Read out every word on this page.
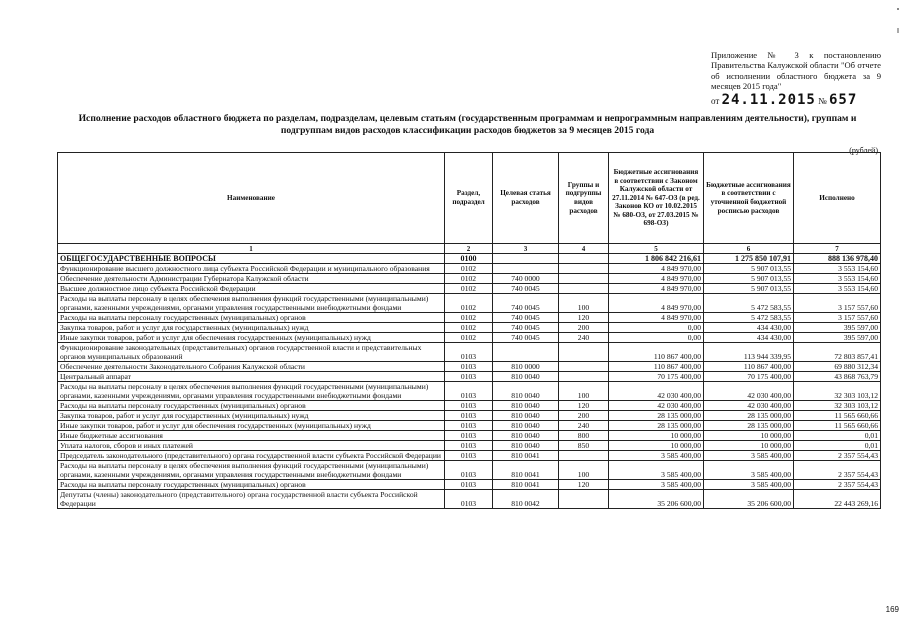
Приложение № 3 к постановлению Правительства Калужской области "Об отчете об исполнении областного бюджета за 9 месяцев 2015 года"
от 24.11.2015 № 657
Исполнение расходов областного бюджета по разделам, подразделам, целевым статьям (государственным программам и непрограммным направлениям деятельности), группам и подгруппам видов расходов классификации расходов бюджетов за 9 месяцев 2015 года
(рублей)
Наименование	Раздел, подраздел	Целевая статья расходов	Группы и подгруппы видов расходов	Бюджетные ассигнования в соответствии с Законом Калужской области от 27.11.2014 № 647-ОЗ (в ред. Законов КО от 10.02.2015 № 680-ОЗ, от 27.03.2015 № 698-ОЗ)	Бюджетные ассигнования в соответствии с уточненной бюджетной росписью расходов	Исполнено
1	2	3	4	5	6	7
ОБЩЕГОСУДАРСТВЕННЫЕ ВОПРОСЫ	0100			1 806 842 216,61	1 275 850 107,91	888 136 978,40
Функционирование высшего должностного лица субъекта Российской Федерации и муниципального образования	0102			4 849 970,00	5 907 013,55	3 553 154,60
Обеспечение деятельности Администрации Губернатора Калужской области	0102	740 0000		4 849 970,00	5 907 013,55	3 553 154,60
Высшее должностное лицо субъекта Российской Федерации	0102	740 0045		4 849 970,00	5 907 013,55	3 553 154,60
Расходы на выплаты персоналу в целях обеспечения выполнения функций государственными (муниципальными) органами, казенными учреждениями, органами управления государственными внебюджетными фондами	0102	740 0045	100	4 849 970,00	5 472 583,55	3 157 557,60
Расходы на выплаты персоналу государственных (муниципальных) органов	0102	740 0045	120	4 849 970,00	5 472 583,55	3 157 557,60
Закупка товаров, работ и услуг для государственных (муниципальных) нужд	0102	740 0045	200	0,00	434 430,00	395 597,00
Иные закупки товаров, работ и услуг для обеспечения государственных (муниципальных) нужд	0102	740 0045	240	0,00	434 430,00	395 597,00
Функционирование законодательных (представительных) органов государственной власти и представительных органов муниципальных образований	0103			110 867 400,00	113 944 339,95	72 803 857,41
Обеспечение деятельности Законодательного Собрания Калужской области	0103	810 0000		110 867 400,00	110 867 400,00	69 880 312,34
Центральный аппарат	0103	810 0040		70 175 400,00	70 175 400,00	43 868 763,79
Расходы на выплаты персоналу в целях обеспечения выполнения функций государственными (муниципальными) органами, казенными учреждениями, органами управления государственными внебюджетными фондами	0103	810 0040	100	42 030 400,00	42 030 400,00	32 303 103,12
Расходы на выплаты персоналу государственных (муниципальных) органов	0103	810 0040	120	42 030 400,00	42 030 400,00	32 303 103,12
Закупка товаров, работ и услуг для государственных (муниципальных) нужд	0103	810 0040	200	28 135 000,00	28 135 000,00	11 565 660,66
Иные закупки товаров, работ и услуг для обеспечения государственных (муниципальных) нужд	0103	810 0040	240	28 135 000,00	28 135 000,00	11 565 660,66
Иные бюджетные ассигнования	0103	810 0040	800	10 000,00	10 000,00	0,01
Уплата налогов, сборов и иных платежей	0103	810 0040	850	10 000,00	10 000,00	0,01
Председатель законодательного (представительного) органа государственной власти субъекта Российской Федерации	0103	810 0041		3 585 400,00	3 585 400,00	2 357 554,43
Расходы на выплаты персоналу в целях обеспечения выполнения функций государственными (муниципальными) органами, казенными учреждениями, органами управления государственными внебюджетными фондами	0103	810 0041	100	3 585 400,00	3 585 400,00	2 357 554,43
Расходы на выплаты персоналу государственных (муниципальных) органов	0103	810 0041	120	3 585 400,00	3 585 400,00	2 357 554,43
Депутаты (члены) законодательного (представительного) органа государственной власти субъекта Российской Федерации	0103	810 0042		35 206 600,00	35 206 600,00	22 443 269,16
169
